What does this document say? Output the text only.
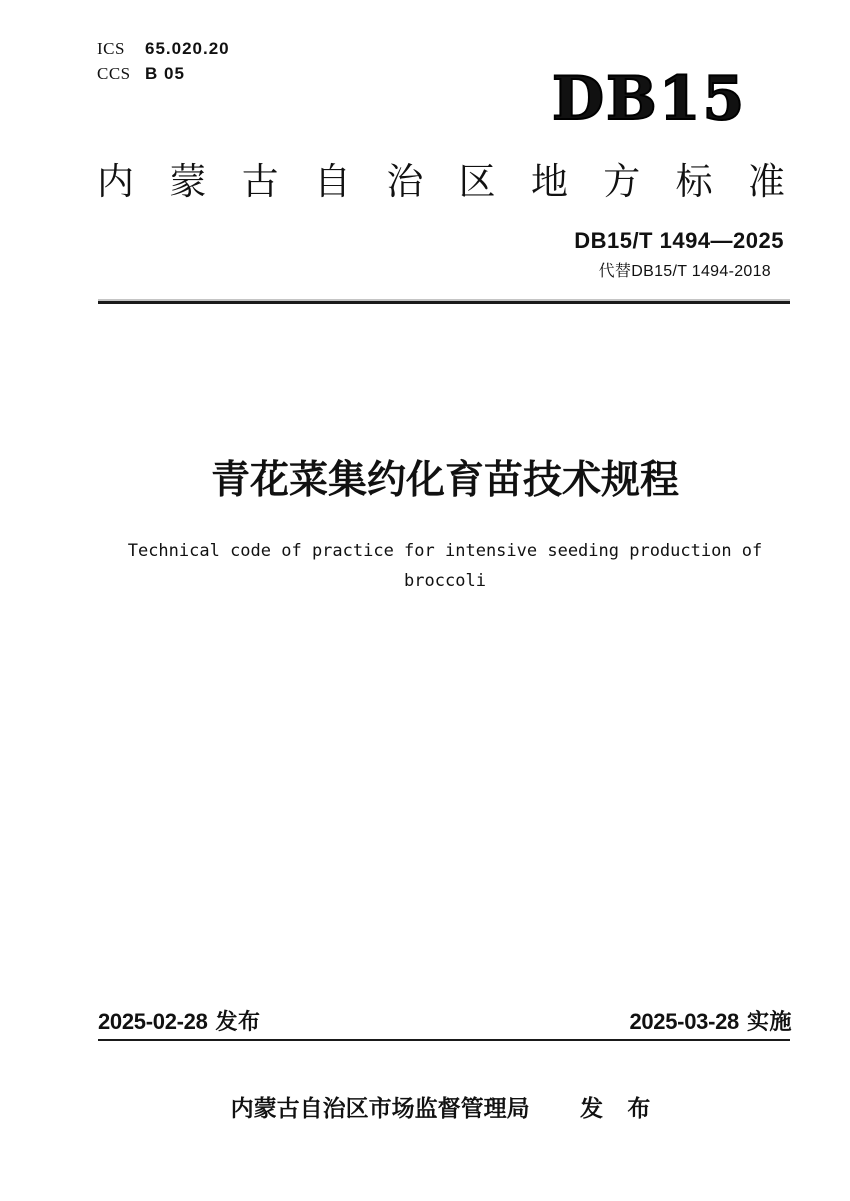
ICS	65.020.20
CCS B 05	DB15
内 蒙 古 自 治 区 地 方 标 准
DB15/T 1494—2025
代替DB15/T 1494-2018
青花菜集约化育苗技术规程
Technical code of practice for intensive seeding production of
broccoli
2025-02-28 发布	2025-03-28 实施
内蒙古自治区市场监督管理局 发 布
